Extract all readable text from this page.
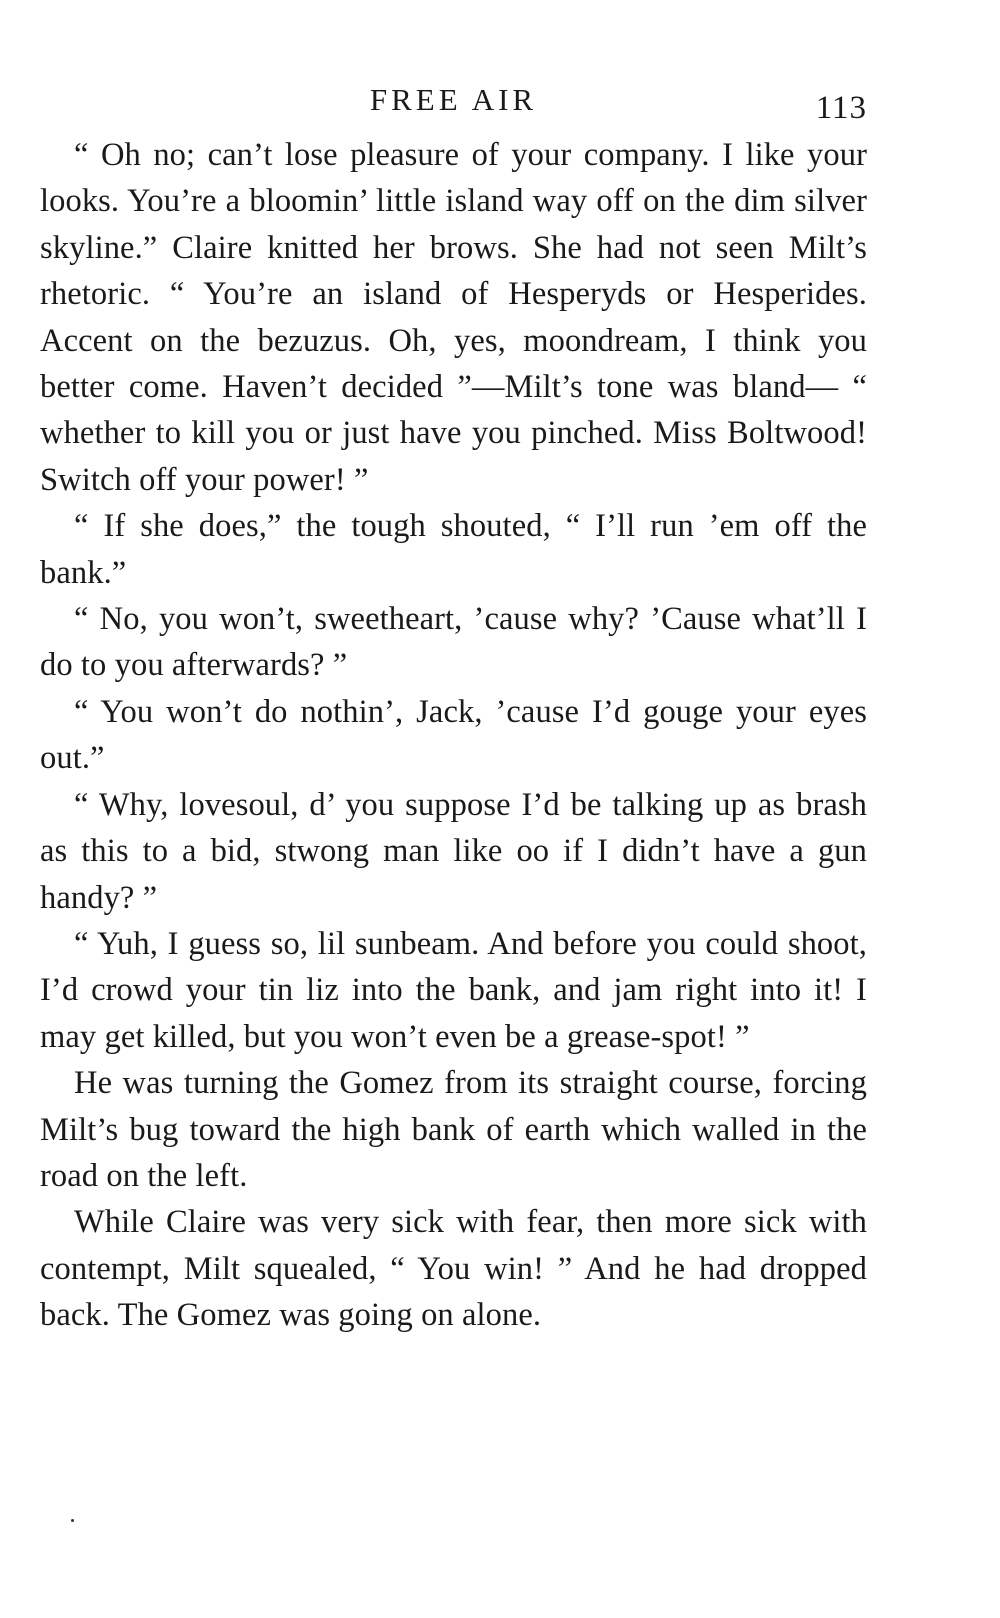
FREE AIR	113

“ Oh no; can’t lose pleasure of your company. I like your looks. You’re a bloomin’ little island way off on the dim silver skyline.” Claire knitted her brows. She had not seen Milt’s rhetoric. “ You’re an island of Hesperyds or Hesperides. Accent on the bezuzus. Oh, yes, moondream, I think you better come. Haven’t decided ”—Milt’s tone was bland— “ whether to kill you or just have you pinched. Miss Boltwood! Switch off your power! ”

“ If she does,” the tough shouted, “ I’ll run ’em off the bank.”

“ No, you won’t, sweetheart, ’cause why? ’Cause what’ll I do to you afterwards? ”

“ You won’t do nothin’, Jack, ’cause I’d gouge your eyes out.”

“ Why, lovesoul, d’ you suppose I’d be talking up as brash as this to a bid, stwong man like oo if I didn’t have a gun handy? ”

“ Yuh, I guess so, lil sunbeam. And before you could shoot, I’d crowd your tin liz into the bank, and jam right into it! I may get killed, but you won’t even be a grease-spot! ”

He was turning the Gomez from its straight course, forcing Milt’s bug toward the high bank of earth which walled in the road on the left.

While Claire was very sick with fear, then more sick with contempt, Milt squealed, “ You win! ” And he had dropped back. The Gomez was going on alone.
